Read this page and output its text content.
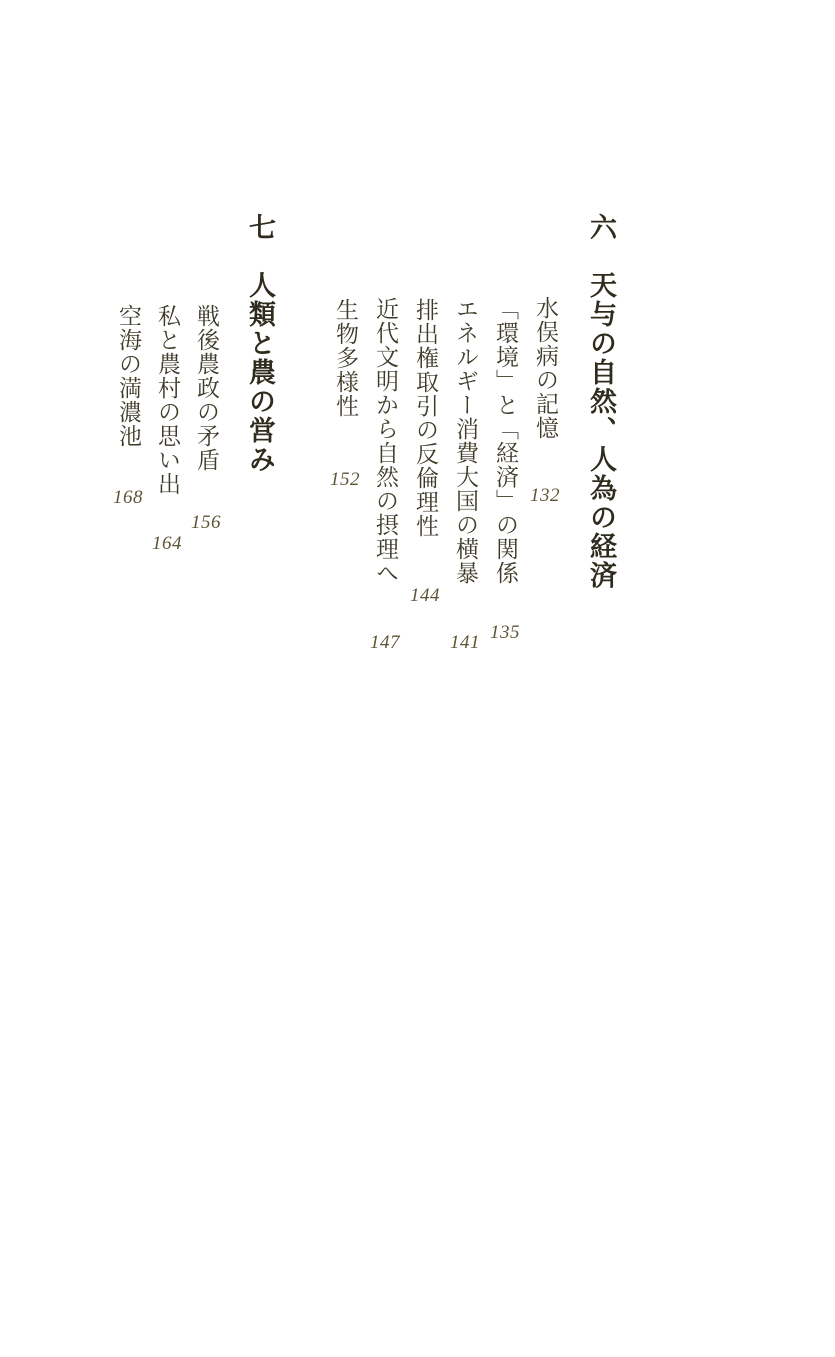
六天与の自然、人為の経済
水俣病の記憶
132
「環境」と「経済」の関係
135
エネルギー消費大国の横暴
141
排出権取引の反倫理性
144
近代文明から自然の摂理へ
147
生物多様性
152
七人類と農の営み
戦後農政の矛盾
156
私と農村の思い出
164
空海の満濃池
168
